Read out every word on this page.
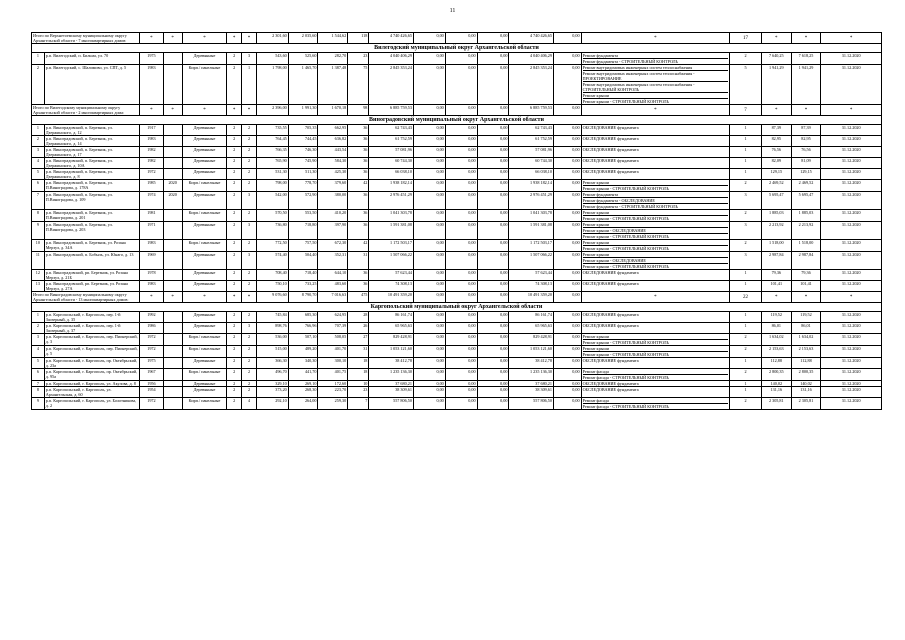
11
Итого по Верхнетоемскому муниципальному округу Архангельской области - 7 многоквартирных домов:		*	*	*	*	*	2 301,60	2 035,60	1 544,62	118	4 740 426,65	0,00	0,00	0,00	4 740 426,65	0,00	*	17	*	*	*
Вилегодский муниципальный округ Архангельской области																					
1	р.п. Вилегодский, п. Бильма, ул. 70	1975		Деревянные	2	3	543,60	525,60	282,70	23	4 040 406,29	0,00	0,00	0,00	4 040 406,29	0,00	Ремонт фундамента
Ремонт фундамента - СТРОИТЕЛЬНЫЙ КОНТРОЛЬ	2	7 640,25	7 618,25	31.12.2020
2	р.п. Вилегодский, с. Шалимово, ул. СПТ, д. 5	1983		Кирп./ панельные	2	1	1 798,00	1 465,70	1 387,48	75	2 845 353,24	0,00	0,00	0,00	2 845 353,24	0,00	Ремонт внутридомовых инженерных систем теплоснабжения
Ремонт внутридомовых инженерных систем теплоснабжения - ПРОЕКТИРОВАНИЕ
Ремонт внутридомовых инженерных систем теплоснабжения - СТРОИТЕЛЬНЫЙ КОНТРОЛЬ
Ремонт крыши
Ремонт крыши - СТРОИТЕЛЬНЫЙ КОНТРОЛЬ	5	1 941,29	1 941,29	31.12.2020
Итого по Вилегодскому муниципальному округу Архангельской области - 2 многоквартирных дома:		*	*	*	*	*	2 396,00	1 991,30	1 670,18	98	6 885 759,53	0,00	0,00	0,00	6 885 759,53	0,00	*	7	*	*	*
Виноградовский муниципальный округ Архангельской области																					
1	р.п. Виноградовский, п. Березник, ул. Дзержинского, д. 12	1917		Деревянные	2	2	735,55	705,35	662,95	36	62 743,43	0,00	0,00	0,00	62 743,43	0,00	ОБСЛЕДОВАНИЕ фундамента	1	87,39	87,39	31.12.2020
2	р.п. Виноградовский, п. Березник, ул. Дзержинского, д. 14	1983		Деревянные	2	2	764,45	744,45	636,82	36	61 752,59	0,00	0,00	0,00	61 752,59	0,00	ОБСЛЕДОВАНИЕ фундамента	1	82,95	82,95	31.12.2020
3	р.п. Виноградовский, п. Березник, ул. Дзержинского, д. 17	1982		Деревянные	2	2	766,35	746,30	443,54	36	57 081,96	0,00	0,00	0,00	57 081,96	0,00	ОБСЛЕДОВАНИЕ фундамента	1	76,56	76,56	31.12.2020
4	р.п. Виноградовский, п. Березник, ул. Дзержинского, д. 10А	1982		Деревянные	2	2	765,90	745,90	584,30	36	60 744,30	0,00	0,00	0,00	60 744,30	0,00	ОБСЛЕДОВАНИЕ фундамента	1	82,09	81,09	31.12.2020
5	р.п. Виноградовский, п. Березник, ул. Дзержинского, д. 8	1972		Деревянные	2	2	531,30	511,30	425,30	36	66 038,10	0,00	0,00	0,00	66 038,10	0,00	ОБСЛЕДОВАНИЕ фундамента	1	129,15	129,15	31.12.2020
6	р.п. Виноградовский, п. Березник, ул. П.Виноградова, д. 178А	1985	2020	Кирп./ панельные	2	2	798,00	778,70	379,60	42	1 938 182,14	0,00	0,00	0,00	1 938 182,14	0,00	Ремонт крыши
Ремонт крыши - СТРОИТЕЛЬНЫЙ КОНТРОЛЬ	2	2 469,52	2 469,52	31.12.2020
7	р.п. Виноградовский, п. Березник, ул. П.Виноградова, д. 109	1974	2020	Деревянные	2	3	542,00	572,90	380,00	36	2 976 451,29	0,00	0,00	0,00	2 976 451,29	0,00	Ремонт фундамента
Ремонт фундамента - ОБСЛЕДОВАНИЕ
Ремонт фундамента - СТРОИТЕЛЬНЫЙ КОНТРОЛЬ	3	5 695,47	5 695,47	31.12.2020
8	р.п. Виноградовский, п. Березник, ул. П.Виноградова, д. 201	1981		Кирп./ панельные	2	2	570,50	553,50	410,20	36	1 041 303,78	0,00	0,00	0,00	1 041 303,78	0,00	Ремонт крыши
Ремонт крыши - СТРОИТЕЛЬНЫЙ КОНТРОЛЬ	2	1 885,03	1 885,03	31.12.2020
9	р.п. Виноградовский, п. Березник, ул. П.Виноградова, д. 203	1971		Деревянные	2	3	736,80	718,80	397,90	36	1 591 381,08	0,00	0,00	0,00	1 591 381,08	0,00	Ремонт крыши
Ремонт крыши - ОБСЛЕДОВАНИЕ
Ремонт крыши - СТРОИТЕЛЬНЫЙ КОНТРОЛЬ	3	2 213,92	2 213,92	31.12.2020
10	р.п. Виноградовский, п. Березник, ул. Розана Мерзул, д. 34А	1983		Кирп./ панельные	2	2	772,50	757,50	672,30	42	1 172 503,17	0,00	0,00	0,00	1 172 503,17	0,00	Ремонт крыши
Ремонт крыши - СТРОИТЕЛЬНЫЙ КОНТРОЛЬ	2	1 518,00	1 518,00	31.12.2020
11	р.п. Виноградовский, п. Бобыль, ул. Юнаго, д. 13	1969		Деревянные	2	3	574,40	504,40	352,31	31	1 507 066,22	0,00	0,00	0,00	1 507 066,22	0,00	Ремонт крыши
Ремонт крыши - ОБСЛЕДОВАНИЕ
Ремонт крыши - СТРОИТЕЛЬНЫЙ КОНТРОЛЬ	3	2 987,84	2 987,84	31.12.2020
12	р.п. Виноградовский, рп. Березник, ул. Розана Мерзул, д. 21Б	1978		Деревянные	2	2	708,40	718,40	644,10	36	57 623,44	0,00	0,00	0,00	57 623,44	0,00	ОБСЛЕДОВАНИЕ фундамента	1	79,36	79,36	31.12.2020
13	р.п. Виноградовский, рп. Березник, ул. Розана Мерзул, д. 27А	1983		Деревянные	2	2	750,10	733,25	483,60	36	74 308,13	0,00	0,00	0,00	74 308,13	0,00	ОБСЛЕДОВАНИЕ фундамента	1	101,41	101,41	31.12.2020
Итого по Виноградовскому муниципальному округу Архангельской области - 13 многоквартирных домов:		*	*	*	*	*	9 076,60	8 790,70	7 016,63	475	10 491 359,20	0,00	0,00	0,00	10 491 359,20	0,00	*	22	*	*	*
Каргопольский муниципальный округ Архангельской области																					
1	р.п. Каргопольский, г. Каргополь, пер. 1-й Заозерный, д. 35	1992		Деревянные	2	2	745,84	685,30	624,95	28	86 161,74	0,00	0,00	0,00	86 161,74	0,00	ОБСЛЕДОВАНИЕ фундамента	1	119,52	119,52	31.12.2020
2	р.п. Каргопольский, г. Каргополь, пер. 1-й Заозерный, д. 37	1986		Деревянные	2	3	898,76	766,96	707,39	26	65 965,63	0,00	0,00	0,00	65 965,63	0,00	ОБСЛЕДОВАНИЕ фундамента	1	86,01	86,01	31.12.2020
3	р.п. Каргопольский, г. Каргополь, пер. Пионерский, д. 3	1972		Кирп./ панельные	2	2	536,00	507,10	508,05	27	829 428,91	0,00	0,00	0,00	829 428,91	0,00	Ремонт крыши
Ремонт крыши - СТРОИТЕЛЬНЫЙ КОНТРОЛЬ	2	1 634,02	1 634,02	31.12.2020
4	р.п. Каргопольский, г. Каргополь, пер. Пионерский, д. 5	1972		Кирп./ панельные	2	2	515,00	489,20	401,70	31	1 053 121,60	0,00	0,00	0,00	1 053 121,60	0,00	Ремонт крыши
Ремонт крыши - СТРОИТЕЛЬНЫЙ КОНТРОЛЬ	2	2 153,63	2 153,63	31.12.2020
5	р.п. Каргопольский, г. Каргополь, пр. Октябрьский, д. 23а	1975		Деревянные	2	2	366,30	340,30	300,10	18	38 412,78	0,00	0,00	0,00	38 412,78	0,00	ОБСЛЕДОВАНИЕ фундамента	1	112,88	112,88	31.12.2020
6	р.п. Каргопольский, г. Каргополь, пр. Октябрьский, д. 95а	1967		Кирп./ панельные	2	2	496,70	441,70	401,75	18	1 235 136,30	0,00	0,00	0,00	1 235 136,30	0,00	Ремонт фасада
Ремонт фасада - СТРОИТЕЛЬНЫЙ КОНТРОЛЬ	2	2 800,35	2 800,35	31.12.2020
7	р.п. Каргопольский, г. Каргополь, ул. Акулова, д. 8	1956		Деревянные	2	2	329,10	269,10	172,60	10	37 680,21	0,00	0,00	0,00	37 680,21	0,00	ОБСЛЕДОВАНИЕ фундамента	1	140,02	140,02	31.12.2020
8	р.п. Каргопольский, г. Каргополь, ул. Архангельская, д. 60	1954		Деревянные	2	2	373,20	268,30	223,70	23	38 309,61	0,00	0,00	0,00	38 309,61	0,00	ОБСЛЕДОВАНИЕ фундамента	1	131,16	131,16	31.12.2020
9	р.п. Каргопольский, г. Каргополь, ул. Болотникова, д. 2	1972		Кирп./ панельные	2	4	292,10	264,00	259,30	7	557 806,50	0,00	0,00	0,00	557 806,50	0,00	Ремонт фасада
Ремонт фасада - СТРОИТЕЛЬНЫЙ КОНТРОЛЬ	2	2 305,81	2 305,81	31.12.2020
